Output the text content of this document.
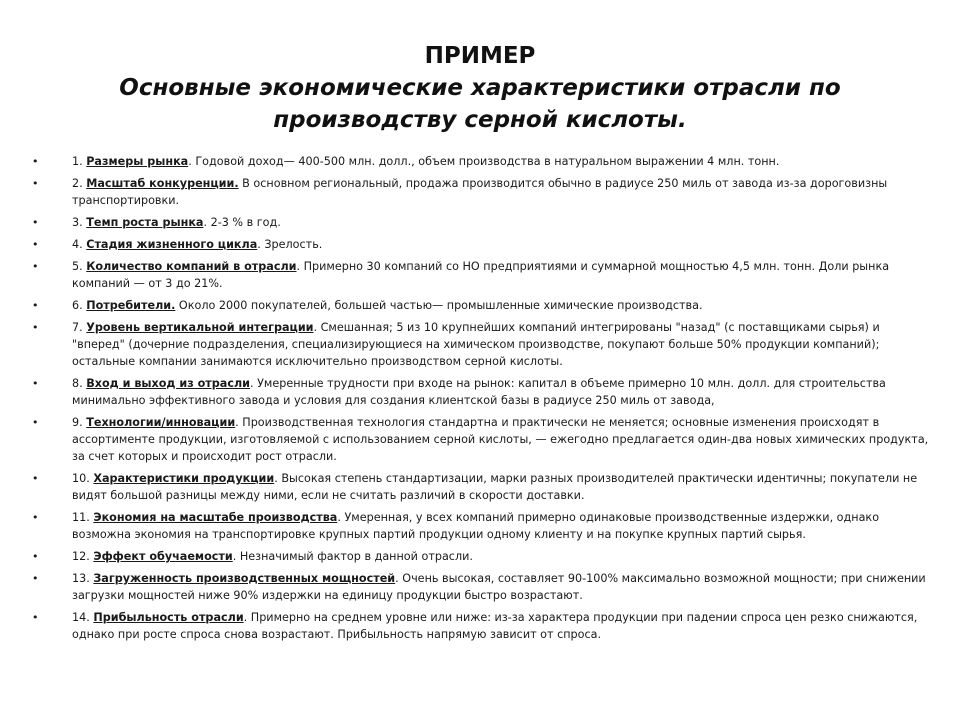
ПРИМЕР
Основные экономические характеристики отрасли по
производству серной кислоты.
•	1. Размеры рынка. Годовой доход— 400-500 млн. долл., объем производства в натуральном выражении 4 млн. тонн.
•	2. Масштаб конкуренции. В основном региональный, продажа производится обычно в радиусе 250 миль от завода из-за дороговизны транспортировки.
•	3. Темп роста рынка. 2-3 % в год.
•	4. Стадия жизненного цикла. Зрелость.
•	5. Количество компаний в отрасли. Примерно 30 компаний со НО предприятиями и суммарной мощностью 4,5 млн. тонн. Доли рынка компаний — от 3 до 21%.
•	6. Потребители. Около 2000 покупателей, большей частью— промышленные химические производства.
•	7. Уровень вертикальной интеграции. Смешанная; 5 из 10 крупнейших компаний интегрированы "назад" (с поставщиками сырья) и "вперед" (дочерние подразделения, специализирующиеся на химическом производстве, покупают больше 50% продукции компаний); остальные компании занимаются исключительно производством серной кислоты.
•	8. Вход и выход из отрасли. Умеренные трудности при входе на рынок: капитал в объеме примерно 10 млн. долл. для строительства минимально эффективного завода и условия для создания клиентской базы в радиусе 250 миль от завода,
•	9. Технологии/инновации. Производственная технология стандартна и практически не меняется; основные изменения происходят в ассортименте продукции, изготовляемой с использованием серной кислоты, — ежегодно предлагается один-два новых химических продукта, за счет которых и происходит рост отрасли.
•	10. Характеристики продукции. Высокая степень стандартизации, марки разных производителей практически идентичны; покупатели не видят большой разницы между ними, если не считать различий в скорости доставки.
•	11. Экономия на масштабе производства. Умеренная, у всех компаний примерно одинаковые производственные издержки, однако возможна экономия на транспортировке крупных партий продукции одному клиенту и на покупке крупных партий сырья.
•	12. Эффект обучаемости. Незначимый фактор в данной отрасли.
•	13. Загруженность производственных мощностей. Очень высокая, составляет 90-100% максимально возможной мощности; при снижении загрузки мощностей ниже 90% издержки на единицу продукции быстро возрастают.
•	14. Прибыльность отрасли. Примерно на среднем уровне или ниже: из-за характера продукции при падении спроса цен резко снижаются, однако при росте спроса снова возрастают. Прибыльность напрямую зависит от спроса.
